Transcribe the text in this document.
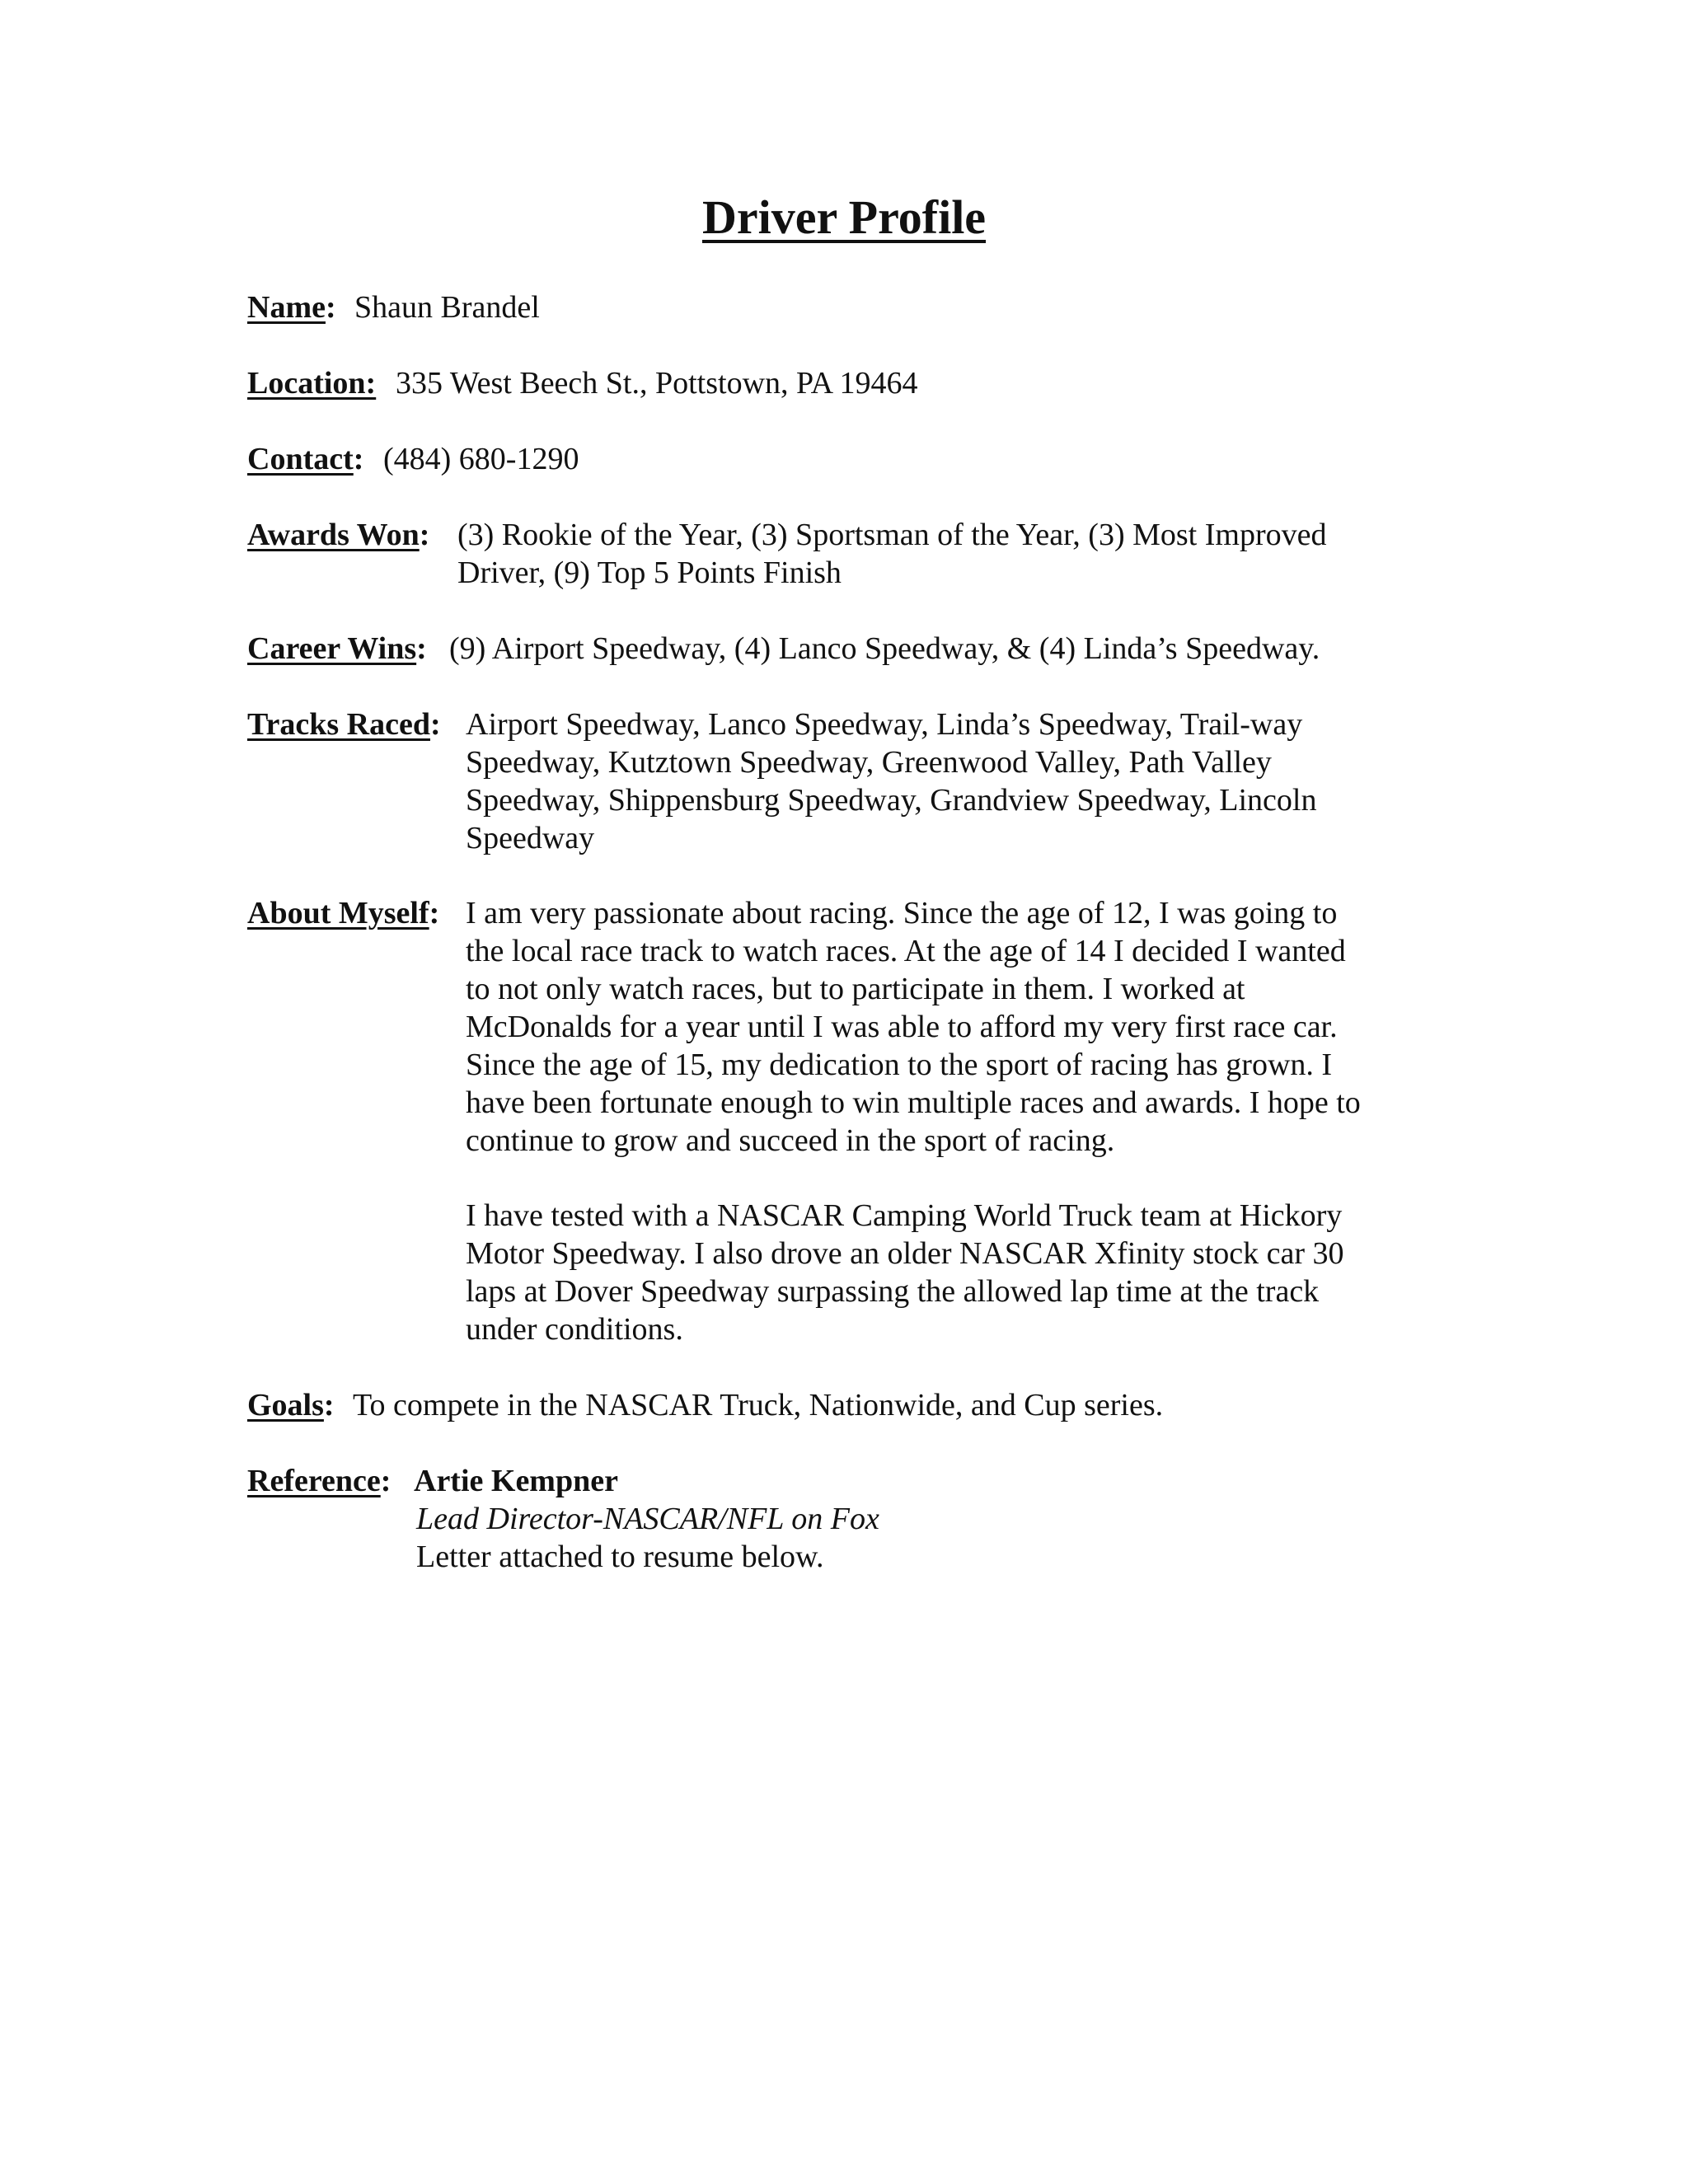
Driver Profile
Name: Shaun Brandel
Location: 335 West Beech St., Pottstown, PA 19464
Contact: (484) 680-1290
Awards Won: (3) Rookie of the Year, (3) Sportsman of the Year, (3) Most Improved
Driver, (9) Top 5 Points Finish
Career Wins: (9) Airport Speedway, (4) Lanco Speedway, & (4) Linda’s Speedway.
Tracks Raced: Airport Speedway, Lanco Speedway, Linda’s Speedway, Trail-way
Speedway, Kutztown Speedway, Greenwood Valley, Path Valley
Speedway, Shippensburg Speedway, Grandview Speedway, Lincoln
Speedway
About Myself: I am very passionate about racing. Since the age of 12, I was going to
the local race track to watch races. At the age of 14 I decided I wanted
to not only watch races, but to participate in them. I worked at
McDonalds for a year until I was able to afford my very first race car.
Since the age of 15, my dedication to the sport of racing has grown. I
have been fortunate enough to win multiple races and awards. I hope to
continue to grow and succeed in the sport of racing.
I have tested with a NASCAR Camping World Truck team at Hickory
Motor Speedway. I also drove an older NASCAR Xfinity stock car 30
laps at Dover Speedway surpassing the allowed lap time at the track
under conditions.
Goals: To compete in the NASCAR Truck, Nationwide, and Cup series.
Reference: Artie Kempner
Lead Director-NASCAR/NFL on Fox
Letter attached to resume below.
